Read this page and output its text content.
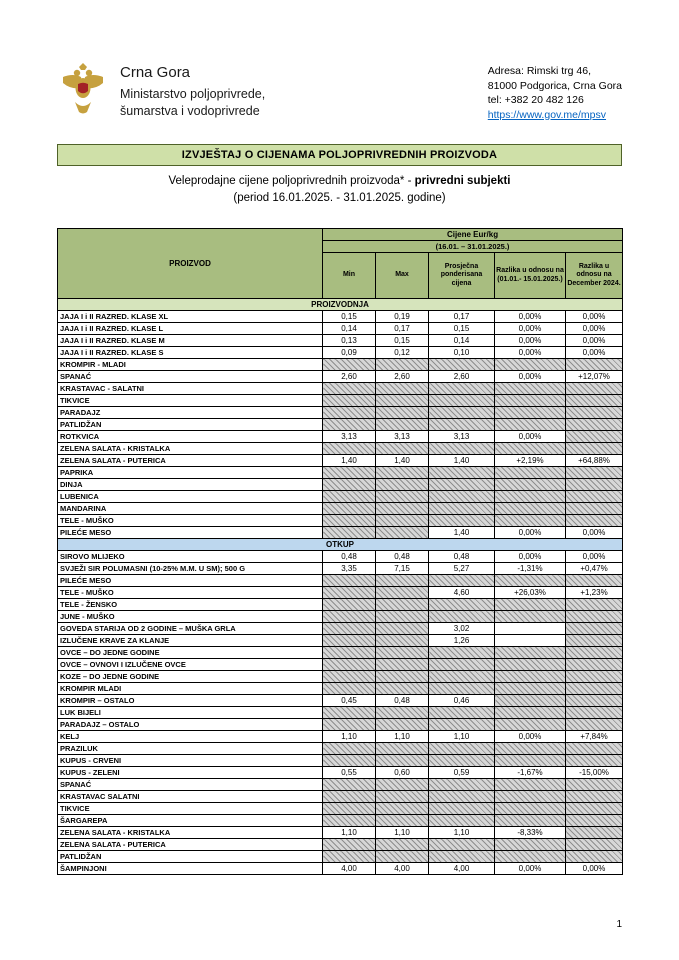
Crna Gora
Ministarstvo poljoprivrede,
šumarstva i vodoprivrede
Adresa: Rimski trg 46,
81000 Podgorica, Crna Gora
tel: +382 20 482 126
https://www.gov.me/mpsv
IZVJEŠTAJ O CIJENAMA POLJOPRIVREDNIH PROIZVODA
Veleprodajne cijene poljoprivrednih proizvoda* - privredni subjekti
(period 16.01.2025. - 31.01.2025. godine)
PROIZVOD	Cijene Eur/kg				
	(16.01. – 31.01.2025.)				
	Min	Max	Prosječna ponderisana cijena	Razlika u odnosu na (01.01.- 15.01.2025.)	Razlika u odnosu na December 2024.
PROIZVODNJA					
JAJA I i II RAZRED. KLASE XL	0,15	0,19	0,17	0,00%	0,00%
JAJA I i II RAZRED. KLASE L	0,14	0,17	0,15	0,00%	0,00%
JAJA I i II RAZRED. KLASE M	0,13	0,15	0,14	0,00%	0,00%
JAJA I i II RAZRED. KLASE S	0,09	0,12	0,10	0,00%	0,00%
KROMPIR - MLADI					
SPANAĆ	2,60	2,60	2,60	0,00%	+12,07%
KRASTAVAC - SALATNI					
TIKVICE					
PARADAJZ					
PATLIDŽAN					
ROTKVICA	3,13	3,13	3,13	0,00%	
ZELENA SALATA - KRISTALKA					
ZELENA SALATA - PUTERICA	1,40	1,40	1,40	+2,19%	+64,88%
PAPRIKA					
DINJA					
LUBENICA					
MANDARINA					
TELE - MUŠKO					
PILEĆE MESO			1,40	0,00%	0,00%
OTKUP					
SIROVO MLIJEKO	0,48	0,48	0,48	0,00%	0,00%
SVJEŽI SIR POLUMASNI (10-25% M.M. U SM); 500 G	3,35	7,15	5,27	-1,31%	+0,47%
PILEĆE MESO					
TELE - MUŠKO			4,60	+26,03%	+1,23%
TELE - ŽENSKO					
JUNE - MUŠKO					
GOVEDA STARIJA OD 2 GODINE – MUŠKA GRLA			3,02		
IZLUČENE KRAVE ZA KLANJE			1,26		
OVCE – DO JEDNE GODINE					
OVCE – OVNOVI I IZLUČENE OVCE					
KOZE – DO JEDNE GODINE					
KROMPIR MLADI					
KROMPIR – OSTALO	0,45	0,48	0,46		
LUK BIJELI					
PARADAJZ – OSTALO					
KELJ	1,10	1,10	1,10	0,00%	+7,84%
PRAZILUK					
KUPUS - CRVENI					
KUPUS - ZELENI	0,55	0,60	0,59	-1,67%	-15,00%
SPANAĆ					
KRASTAVAC SALATNI					
TIKVICE					
ŠARGAREPA					
ZELENA SALATA - KRISTALKA	1,10	1,10	1,10	-8,33%	
ZELENA SALATA - PUTERICA					
PATLIDŽAN					
ŠAMPINJONI	4,00	4,00	4,00	0,00%	0,00%
1
